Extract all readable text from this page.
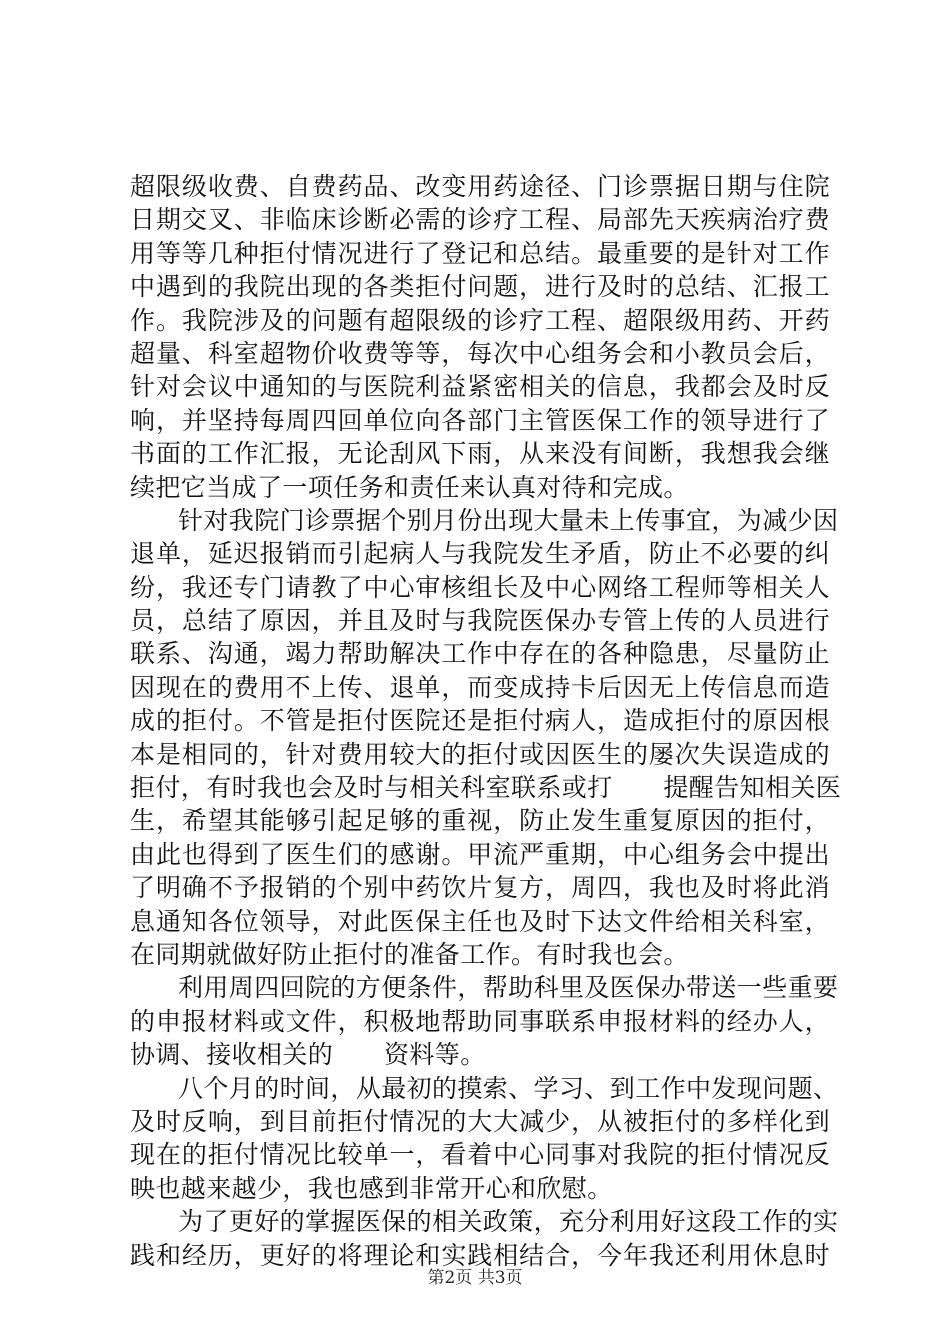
超限级收费、自费药品、改变用药途径、门诊票据日期与住院
日期交叉、非临床诊断必需的诊疗工程、局部先天疾病治疗费
用等等几种拒付情况进行了登记和总结。最重要的是针对工作
中遇到的我院出现的各类拒付问题，进行及时的总结、汇报工
作。我院涉及的问题有超限级的诊疗工程、超限级用药、开药
超量、科室超物价收费等等，每次中心组务会和小教员会后，
针对会议中通知的与医院利益紧密相关的信息，我都会及时反
响，并坚持每周四回单位向各部门主管医保工作的领导进行了
书面的工作汇报，无论刮风下雨，从来没有间断，我想我会继
续把它当成了一项任务和责任来认真对待和完成。
针对我院门诊票据个别月份出现大量未上传事宜，为减少因
退单，延迟报销而引起病人与我院发生矛盾，防止不必要的纠
纷，我还专门请教了中心审核组长及中心网络工程师等相关人
员，总结了原因，并且及时与我院医保办专管上传的人员进行
联系、沟通，竭力帮助解决工作中存在的各种隐患，尽量防止
因现在的费用不上传、退单，而变成持卡后因无上传信息而造
成的拒付。不管是拒付医院还是拒付病人，造成拒付的原因根
本是相同的，针对费用较大的拒付或因医生的屡次失误造成的
拒付，有时我也会及时与相关科室联系或打　　提醒告知相关医
生，希望其能够引起足够的重视，防止发生重复原因的拒付，
由此也得到了医生们的感谢。甲流严重期，中心组务会中提出
了明确不予报销的个别中药饮片复方，周四，我也及时将此消
息通知各位领导，对此医保主任也及时下达文件给相关科室，
在同期就做好防止拒付的准备工作。有时我也会。
利用周四回院的方便条件，帮助科里及医保办带送一些重要
的申报材料或文件，积极地帮助同事联系申报材料的经办人，
协调、接收相关的　　资料等。
八个月的时间，从最初的摸索、学习、到工作中发现问题、
及时反响，到目前拒付情况的大大减少，从被拒付的多样化到
现在的拒付情况比较单一，看着中心同事对我院的拒付情况反
映也越来越少，我也感到非常开心和欣慰。
为了更好的掌握医保的相关政策，充分利用好这段工作的实
践和经历，更好的将理论和实践相结合，今年我还利用休息时
第2页 共3页
